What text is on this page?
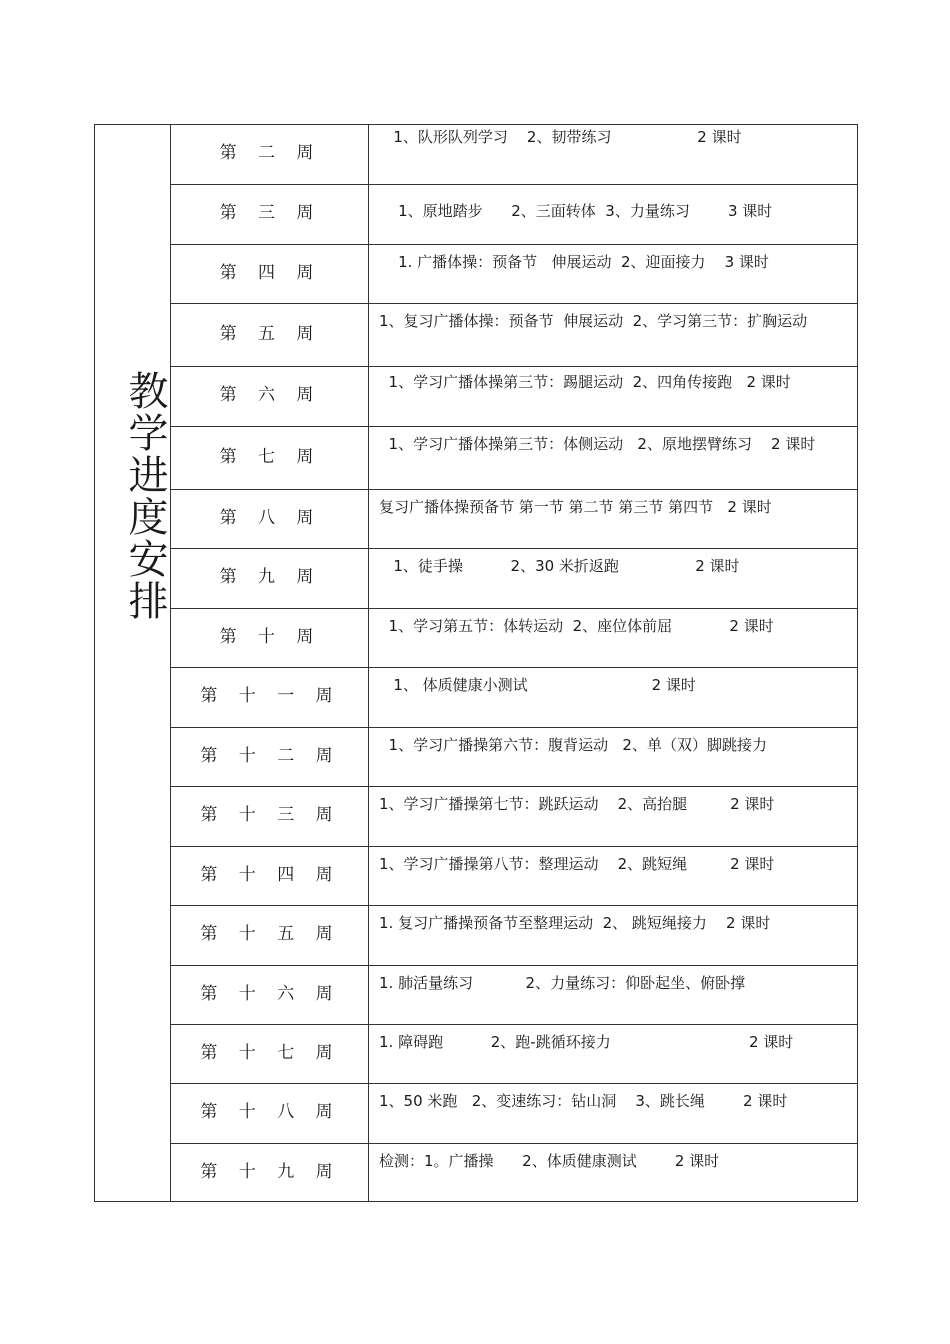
教学进度安排
第 二 周
1、队形队列学习    2、韧带练习                  2 课时
第 三 周	1、原地踏步      2、三面转体  3、力量练习        3 课时
第 四 周
1. 广播体操：预备节   伸展运动  2、迎面接力    3 课时
第 五 周
1、复习广播体操：预备节  伸展运动  2、学习第三节：扩胸运动
第 六 周
1、学习广播体操第三节：踢腿运动  2、四角传接跑   2 课时
第 七 周
1、学习广播体操第三节：体侧运动   2、原地摆臂练习    2 课时
第 八 周
复习广播体操预备节 第一节 第二节 第三节 第四节   2 课时
第 九 周
1、徒手操          2、30 米折返跑                2 课时
第 十 周
1、学习第五节：体转运动  2、座位体前屈            2 课时
第 十 一 周
1、 体质健康小测试                          2 课时
第 十 二 周
1、学习广播操第六节：腹背运动   2、单（双）脚跳接力
第 十 三 周
1、学习广播操第七节：跳跃运动    2、高抬腿         2 课时
第 十 四 周
1、学习广播操第八节：整理运动    2、跳短绳         2 课时
第 十 五 周
1. 复习广播操预备节至整理运动  2、 跳短绳接力    2 课时
第 十 六 周
1. 肺活量练习           2、力量练习：仰卧起坐、俯卧撑
第 十 七 周
1. 障碍跑          2、跑-跳循环接力                             2 课时
第 十 八 周
1、50 米跑   2、变速练习：钻山洞    3、跳长绳        2 课时
第 十 九 周
检测：1。广播操      2、体质健康测试        2 课时
